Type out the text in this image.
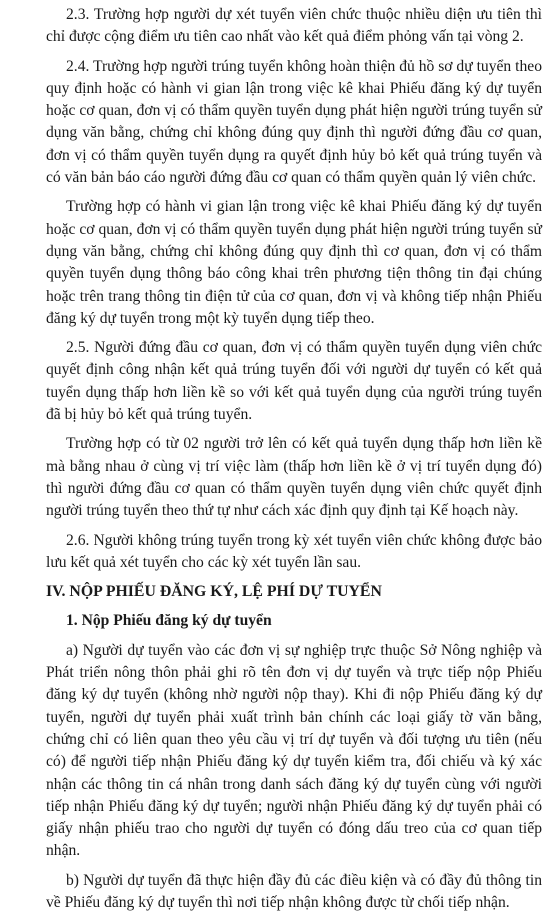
2.3. Trường hợp người dự xét tuyển viên chức thuộc nhiều diện ưu tiên thì chỉ được cộng điểm ưu tiên cao nhất vào kết quả điểm phỏng vấn tại vòng 2.

2.4. Trường hợp người trúng tuyển không hoàn thiện đủ hồ sơ dự tuyển theo quy định hoặc có hành vi gian lận trong việc kê khai Phiếu đăng ký dự tuyển hoặc cơ quan, đơn vị có thẩm quyền tuyển dụng phát hiện người trúng tuyển sử dụng văn bằng, chứng chỉ không đúng quy định thì người đứng đầu cơ quan, đơn vị có thẩm quyền tuyển dụng ra quyết định hủy bỏ kết quả trúng tuyển và có văn bản báo cáo người đứng đầu cơ quan có thẩm quyền quản lý viên chức.

Trường hợp có hành vi gian lận trong việc kê khai Phiếu đăng ký dự tuyển hoặc cơ quan, đơn vị có thẩm quyền tuyển dụng phát hiện người trúng tuyển sử dụng văn bằng, chứng chỉ không đúng quy định thì cơ quan, đơn vị có thẩm quyền tuyển dụng thông báo công khai trên phương tiện thông tin đại chúng hoặc trên trang thông tin điện tử của cơ quan, đơn vị và không tiếp nhận Phiếu đăng ký dự tuyển trong một kỳ tuyển dụng tiếp theo.

2.5. Người đứng đầu cơ quan, đơn vị có thẩm quyền tuyển dụng viên chức quyết định công nhận kết quả trúng tuyển đối với người dự tuyển có kết quả tuyển dụng thấp hơn liền kề so với kết quả tuyển dụng của người trúng tuyển đã bị hủy bỏ kết quả trúng tuyển.

Trường hợp có từ 02 người trở lên có kết quả tuyển dụng thấp hơn liền kề mà bằng nhau ở cùng vị trí việc làm (thấp hơn liền kề ở vị trí tuyển dụng đó) thì người đứng đầu cơ quan có thẩm quyền tuyển dụng viên chức quyết định người trúng tuyển theo thứ tự như cách xác định quy định tại Kế hoạch này.

2.6. Người không trúng tuyển trong kỳ xét tuyển viên chức không được bảo lưu kết quả xét tuyển cho các kỳ xét tuyển lần sau.

IV. NỘP PHIẾU ĐĂNG KÝ, LỆ PHÍ DỰ TUYỂN

1. Nộp Phiếu đăng ký dự tuyển

a) Người dự tuyển vào các đơn vị sự nghiệp trực thuộc Sở Nông nghiệp và Phát triển nông thôn phải ghi rõ tên đơn vị dự tuyển và trực tiếp nộp Phiếu đăng ký dự tuyển (không nhờ người nộp thay). Khi đi nộp Phiếu đăng ký dự tuyển, người dự tuyển phải xuất trình bản chính các loại giấy tờ văn bằng, chứng chỉ có liên quan theo yêu cầu vị trí dự tuyển và đối tượng ưu tiên (nếu có) để người tiếp nhận Phiếu đăng ký dự tuyển kiểm tra, đối chiếu và ký xác nhận các thông tin cá nhân trong danh sách đăng ký dự tuyển cùng với người tiếp nhận Phiếu đăng ký dự tuyển; người nhận Phiếu đăng ký dự tuyển phải có giấy nhận phiếu trao cho người dự tuyển có đóng dấu treo của cơ quan tiếp nhận.

b) Người dự tuyển đã thực hiện đầy đủ các điều kiện và có đầy đủ thông tin về Phiếu đăng ký dự tuyển thì nơi tiếp nhận không được từ chối tiếp nhận.
